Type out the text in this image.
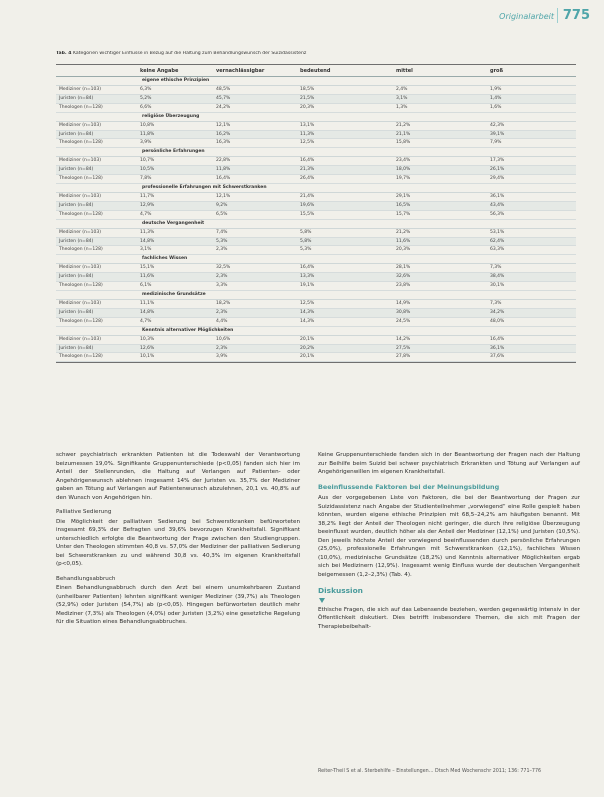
Originalarbeit 775
Tab. 4 Kategorien wichtiger Einflüsse in Bezug auf die Haltung zum Behandlungswunsch der Suizidassistenz
keine Angabe	vernachlässigbar	bedeutend	mittel	groß
eigene ethische Prinzipien
Mediziner (n=103)	6,3%	48,5%	18,5%	2,4%	1,9%
Juristen (n=84)	5,2%	45,7%	21,5%	3,1%	1,4%
Theologen (n=128)	6,6%	24,2%	20,3%	1,3%	1,6%
religiöse Überzeugung
Mediziner (n=103)	10,8%	12,1%	13,1%	21,2%	42,3%
Juristen (n=84)	11,8%	16,2%	11,3%	21,1%	39,1%
Theologen (n=128)	3,9%	16,3%	12,5%	15,8%	7,9%
persönliche Erfahrungen
Mediziner (n=103)	10,7%	22,8%	16,4%	23,4%	17,3%
Juristen (n=84)	10,5%	11,8%	21,3%	18,0%	26,1%
Theologen (n=128)	7,8%	16,4%	26,4%	19,7%	29,4%
professionelle Erfahrungen mit Schwerstkranken
Mediziner (n=103)	11,7%	12,1%	21,4%	29,1%	36,1%
Juristen (n=84)	12,9%	9,2%	19,6%	16,5%	43,4%
Theologen (n=128)	4,7%	6,5%	15,5%	15,7%	56,3%
deutsche Vergangenheit
Mediziner (n=103)	11,3%	7,4%	5,8%	21,2%	53,1%
Juristen (n=84)	14,8%	5,3%	5,8%	11,6%	62,4%
Theologen (n=128)	3,1%	2,3%	5,3%	20,3%	63,3%
fachliches Wissen
Mediziner (n=103)	15,1%	32,5%	16,4%	28,1%	7,3%
Juristen (n=84)	11,6%	2,3%	13,3%	32,6%	38,4%
Theologen (n=128)	6,1%	3,3%	19,1%	23,8%	30,1%
medizinische Grundsätze
Mediziner (n=103)	11,1%	18,2%	12,5%	14,9%	7,3%
Juristen (n=84)	14,8%	2,3%	14,3%	30,8%	34,2%
Theologen (n=128)	4,7%	4,4%	14,3%	24,5%	48,0%
Kenntnis alternativer Möglichkeiten
Mediziner (n=103)	10,3%	10,6%	20,1%	14,2%	16,4%
Juristen (n=84)	12,6%	2,3%	20,2%	27,5%	36,1%
Theologen (n=128)	10,1%	3,9%	20,1%	27,8%	37,6%

schwer psychiatrisch erkrankten Patienten ist die Todeswahl der Verantwortung beizumessen 19,0%. Signifikante Gruppenunterschiede (p<0,05) fanden sich hier im Anteil der Stellenrunden, die Haltung auf Verlangen auf Patienten- oder Angehörigenwunsch ablehnen insgesamt 14% der Juristen vs. 35,7% der Mediziner gaben an Tötung auf Verlangen auf Patientenwunsch abzulehnen, 20,1 vs. 40,8% auf den Wunsch von Angehörigen hin.

Palliative Sedierung

Die Möglichkeit der palliativen Sedierung bei Schwerstkranken befürworteten insgesamt 69,3% der Befragten und 39,6% bevorzugen Krankheitsfall. Signifikant unterschiedlich erfolgte die Beantwortung der Frage zwischen den Studiengruppen. Unter den Theologen stimmten 40,8 vs. 57,0% der Mediziner der palliativen Sedierung bei Schwerstkranken zu und während 30,8 vs. 40,3% im eigenen Krankheitsfall (p<0,05).

Behandlungsabbruch

Einen Behandlungsabbruch durch den Arzt bei einem unumkehrbaren Zustand (unheilbarer Patienten) lehnten signifikant weniger Mediziner (39,7%) als Theologen (52,9%) oder Juristen (54,7%) ab (p<0,05). Hingegen befürworteten deutlich mehr Mediziner (7,3%) als Theologen (4,0%) oder Juristen (3,2%) eine gesetzliche Regelung für die Situation eines Behandlungsabbruches.

Keine Gruppenunterschiede fanden sich in der Beantwortung der Fragen nach der Haltung zur Beihilfe beim Suizid bei schwer psychiatrisch Erkrankten und Tötung auf Verlangen auf Angehörigenwillen im eigenen Krankheitsfall.

Beeinflussende Faktoren bei der Meinungsbildung

Aus der vorgegebenen Liste von Faktoren, die bei der Beantwortung der Fragen zur Suizidassistenz nach Angabe der Studienteilnehmer „vorwiegend“ eine Rolle gespielt haben könnten, wurden eigene ethische Prinzipien mit 68,5–24,2% am häufigsten benannt. Mit 38,2% liegt der Anteil der Theologen nicht geringer, die durch ihre religiöse Überzeugung beeinflusst wurden, deutlich höher als der Anteil der Mediziner (12,1%) und Juristen (10,5%). Den jeweils höchste Anteil der vorwiegend beeinflussenden durch persönliche Erfahrungen (25,0%), professionelle Erfahrungen mit Schwerstkranken (12,1%), fachliches Wissen (10,0%), medizinische Grundsätze (18,2%) und Kenntnis alternativer Möglichkeiten ergab sich bei Medizinern (12,9%). Insgesamt wenig Einfluss wurde der deutschen Vergangenheit beigemessen (1,2–2,3%) (Tab. 4).

Diskussion

Ethische Fragen, die sich auf das Lebensende beziehen, werden gegenwärtig intensiv in der Öffentlichkeit diskutiert. Dies betrifft insbesondere Themen, die sich mit Fragen der Therapiebeibehalt-

Reiter-Theil S et al. Sterbehilfe – Einstellungen… Dtsch Med Wochenschr 2011; 136: 771–776
